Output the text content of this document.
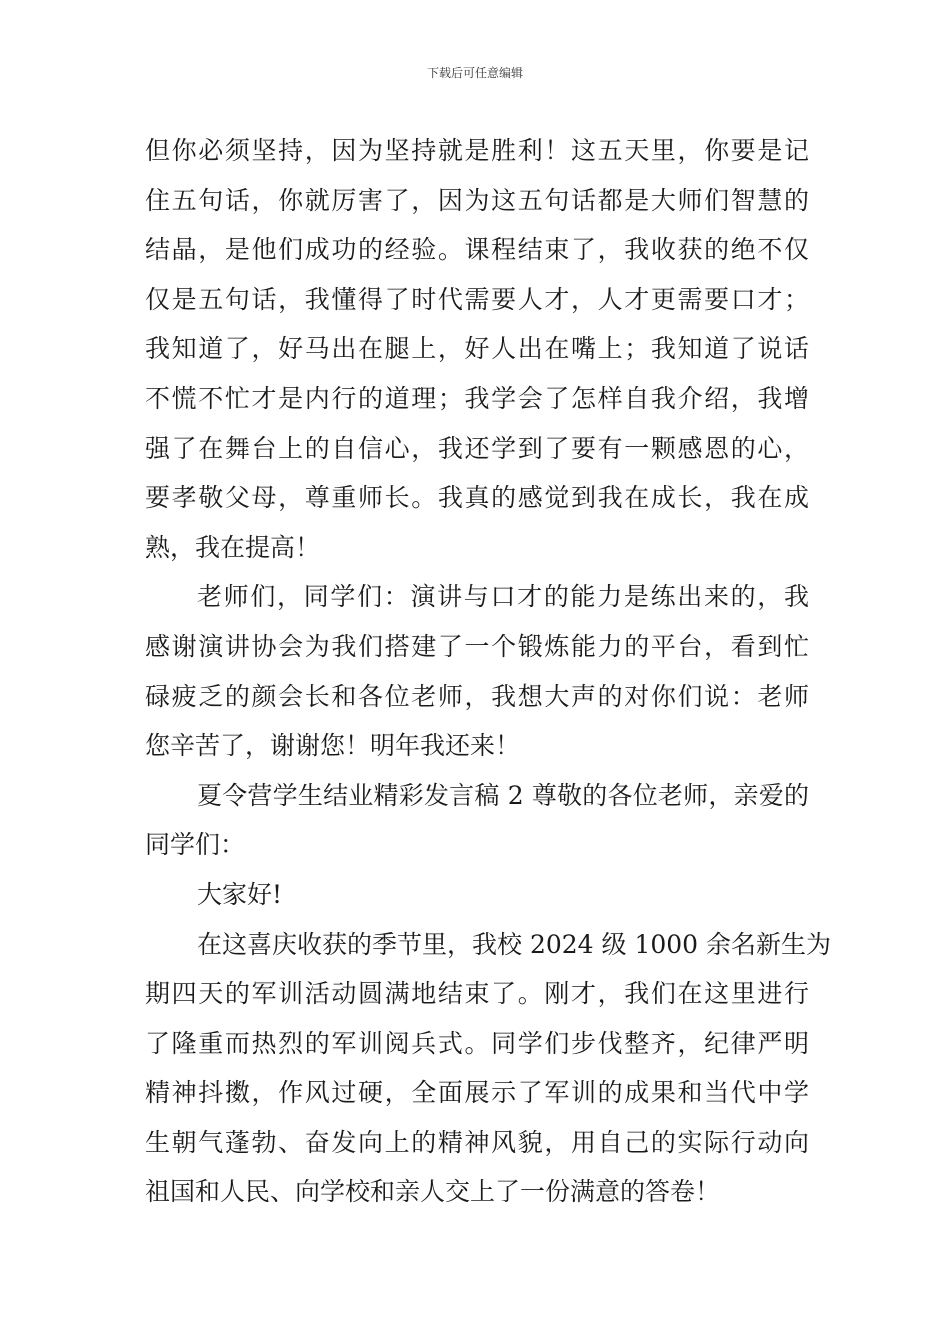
下载后可任意编辑
但你必须坚持，因为坚持就是胜利！这五天里，你要是记
住五句话，你就厉害了，因为这五句话都是大师们智慧的
结晶，是他们成功的经验。课程结束了，我收获的绝不仅
仅是五句话，我懂得了时代需要人才，人才更需要口才；
我知道了，好马出在腿上，好人出在嘴上；我知道了说话
不慌不忙才是内行的道理；我学会了怎样自我介绍，我增
强了在舞台上的自信心，我还学到了要有一颗感恩的心，
要孝敬父母，尊重师长。我真的感觉到我在成长，我在成
熟，我在提高！
老师们，同学们：演讲与口才的能力是练出来的，我
感谢演讲协会为我们搭建了一个锻炼能力的平台，看到忙
碌疲乏的颜会长和各位老师，我想大声的对你们说：老师
您辛苦了，谢谢您！明年我还来！
夏令营学生结业精彩发言稿 2 尊敬的各位老师，亲爱的
同学们：
大家好!
在这喜庆收获的季节里，我校 2024 级 1000 余名新生为
期四天的军训活动圆满地结束了。刚才，我们在这里进行
了隆重而热烈的军训阅兵式。同学们步伐整齐，纪律严明
精神抖擞，作风过硬，全面展示了军训的成果和当代中学
生朝气蓬勃、奋发向上的精神风貌，用自己的实际行动向
祖国和人民、向学校和亲人交上了一份满意的答卷！
